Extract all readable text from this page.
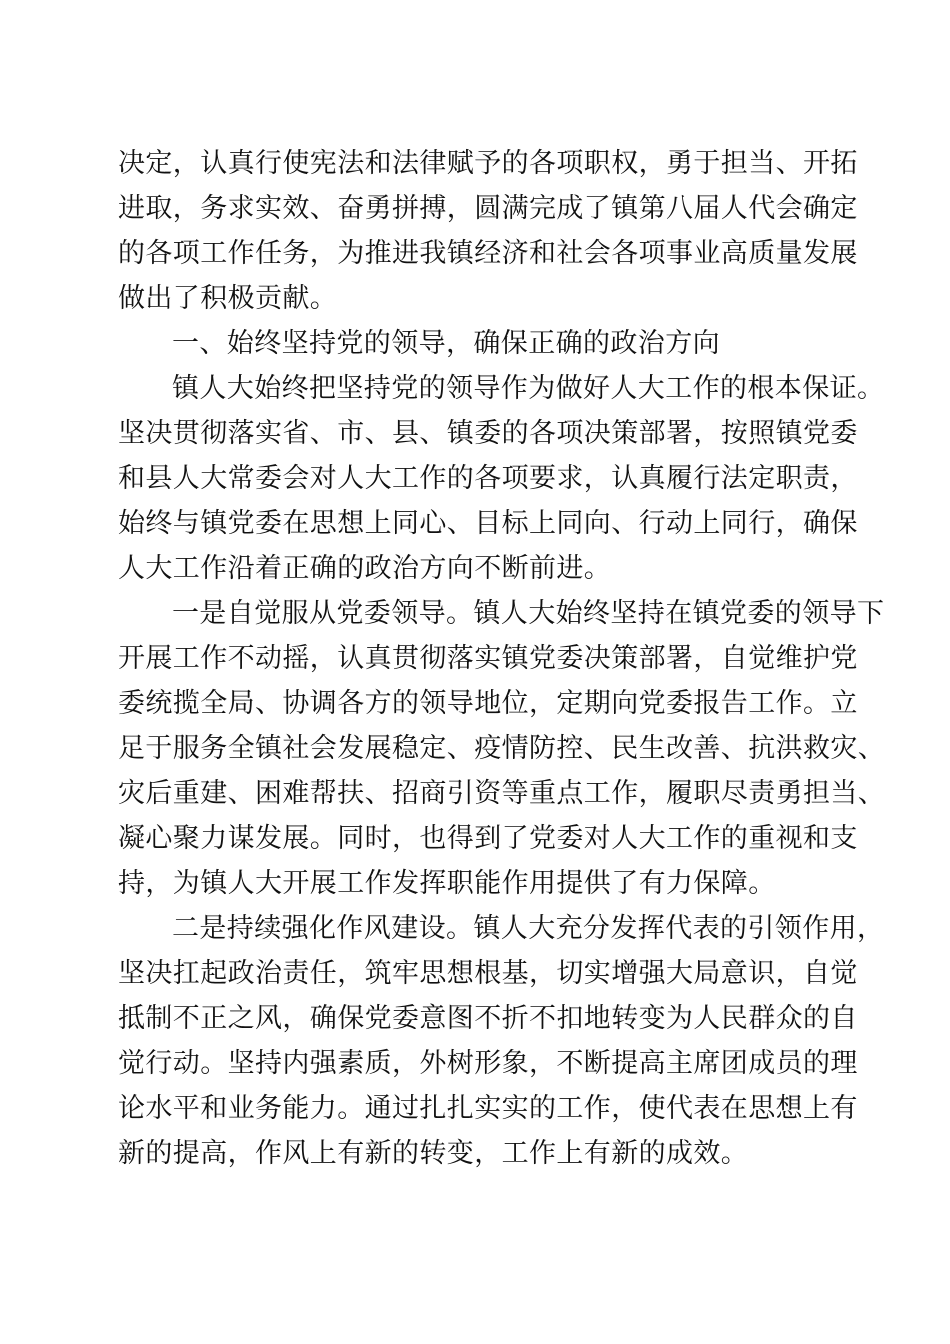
决定，认真行使宪法和法律赋予的各项职权，勇于担当、开拓
进取，务求实效、奋勇拼搏，圆满完成了镇第八届人代会确定
的各项工作任务，为推进我镇经济和社会各项事业高质量发展
做出了积极贡献。
一、始终坚持党的领导，确保正确的政治方向
镇人大始终把坚持党的领导作为做好人大工作的根本保证。
坚决贯彻落实省、市、县、镇委的各项决策部署，按照镇党委
和县人大常委会对人大工作的各项要求，认真履行法定职责，
始终与镇党委在思想上同心、目标上同向、行动上同行，确保
人大工作沿着正确的政治方向不断前进。
一是自觉服从党委领导。镇人大始终坚持在镇党委的领导下
开展工作不动摇，认真贯彻落实镇党委决策部署，自觉维护党
委统揽全局、协调各方的领导地位，定期向党委报告工作。立
足于服务全镇社会发展稳定、疫情防控、民生改善、抗洪救灾、
灾后重建、困难帮扶、招商引资等重点工作，履职尽责勇担当、
凝心聚力谋发展。同时，也得到了党委对人大工作的重视和支
持，为镇人大开展工作发挥职能作用提供了有力保障。
二是持续强化作风建设。镇人大充分发挥代表的引领作用，
坚决扛起政治责任，筑牢思想根基，切实增强大局意识，自觉
抵制不正之风，确保党委意图不折不扣地转变为人民群众的自
觉行动。坚持内强素质，外树形象，不断提高主席团成员的理
论水平和业务能力。通过扎扎实实的工作，使代表在思想上有
新的提高，作风上有新的转变，工作上有新的成效。
